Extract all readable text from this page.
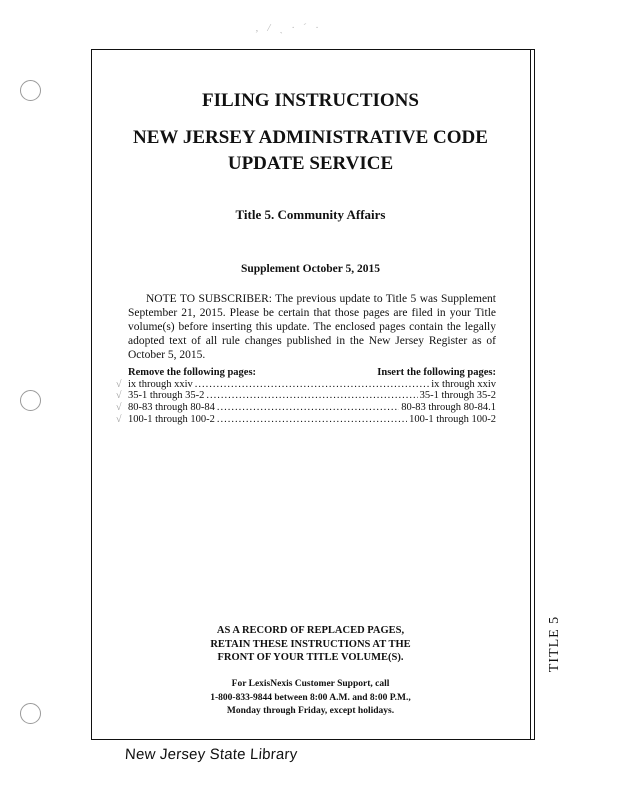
‚ / ˎ · ˊ ·
TITLE 5
FILING INSTRUCTIONS
NEW JERSEY ADMINISTRATIVE CODE
UPDATE SERVICE
Title 5. Community Affairs
Supplement October 5, 2015
NOTE TO SUBSCRIBER: The previous update to Title 5 was Supplement September 21, 2015. Please be certain that those pages are filed in your Title volume(s) before inserting this update. The enclosed pages contain the legally adopted text of all rule changes published in the New Jersey Register as of October 5, 2015.
Remove the following pages:	Insert the following pages:
√ ix through xxiv .....	ix through xxiv
√ 35-1 through 35-2 .....	35-1 through 35-2
√ 80-83 through 80-84 .....	80-83 through 80-84.1
√ 100-1 through 100-2 .....	100-1 through 100-2
AS A RECORD OF REPLACED PAGES,
RETAIN THESE INSTRUCTIONS AT THE
FRONT OF YOUR TITLE VOLUME(S).
For LexisNexis Customer Support, call
1-800-833-9844 between 8:00 A.M. and 8:00 P.M.,
Monday through Friday, except holidays.
New Jersey State Library
